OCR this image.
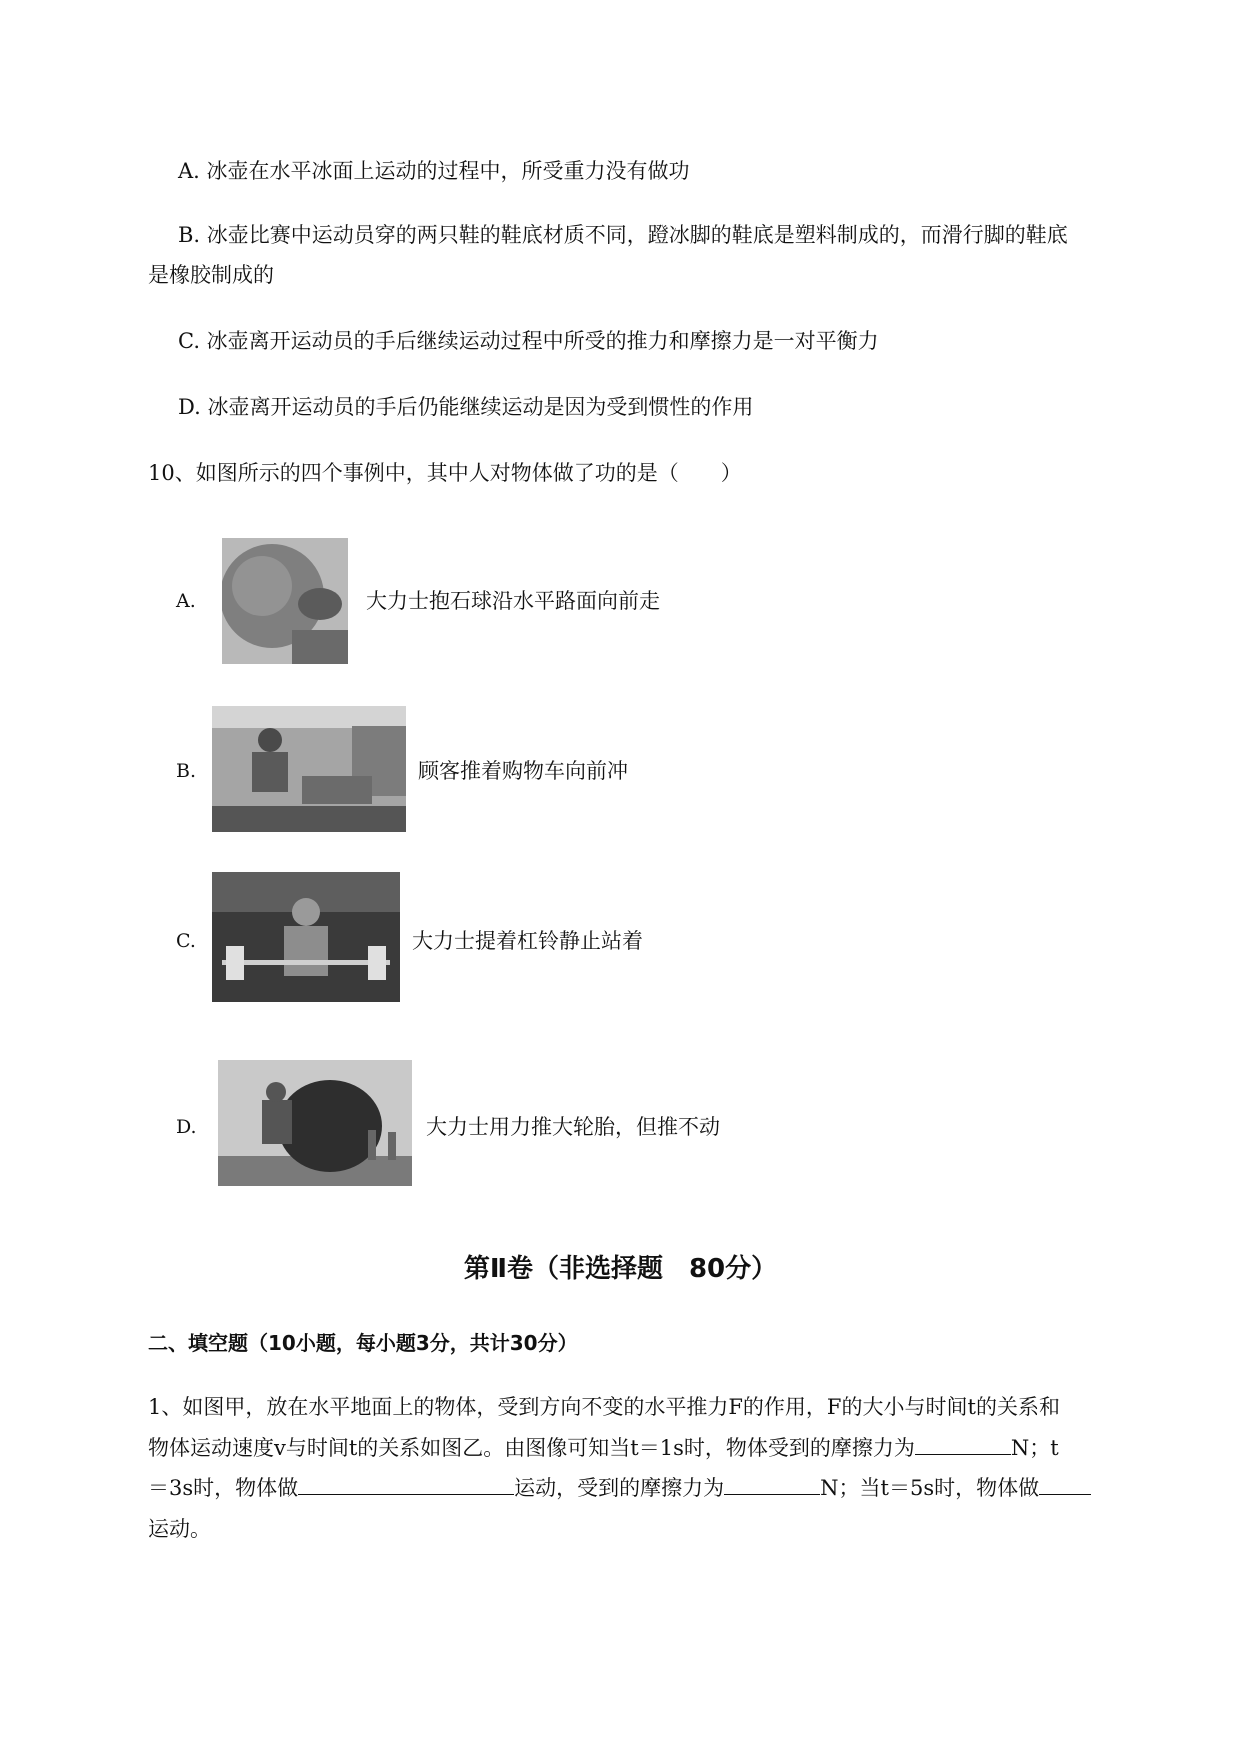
A. 冰壶在水平冰面上运动的过程中，所受重力没有做功
B. 冰壶比赛中运动员穿的两只鞋的鞋底材质不同，蹬冰脚的鞋底是塑料制成的，而滑行脚的鞋底
是橡胶制成的
C. 冰壶离开运动员的手后继续运动过程中所受的推力和摩擦力是一对平衡力
D. 冰壶离开运动员的手后仍能继续运动是因为受到惯性的作用
10、如图所示的四个事例中，其中人对物体做了功的是（　　）
A.	大力士抱石球沿水平路面向前走
B.	顾客推着购物车向前冲
C.	大力士提着杠铃静止站着
D.	大力士用力推大轮胎，但推不动
第Ⅱ卷（非选择题　80分）
二、填空题（10小题，每小题3分，共计30分）
1、如图甲，放在水平地面上的物体，受到方向不变的水平推力F的作用，F的大小与时间t的关系和
物体运动速度v与时间t的关系如图乙。由图像可知当t＝1s时，物体受到的摩擦力为	N；t
＝3s时，物体做	运动，受到的摩擦力为	N；当t＝5s时，物体做
运动。
